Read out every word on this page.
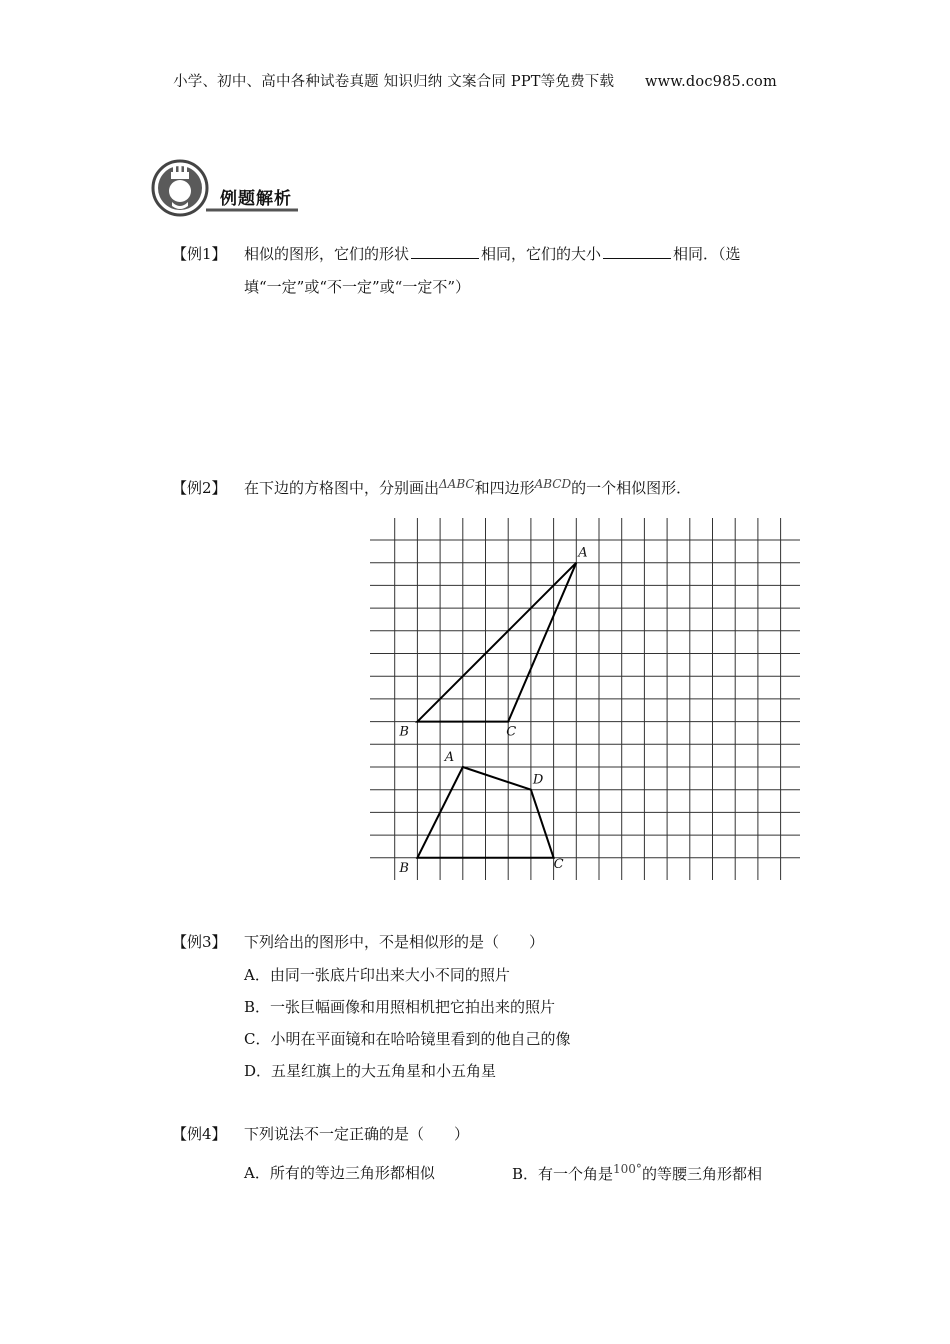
小学、初中、高中各种试卷真题 知识归纳 文案合同 PPT等免费下载 www.doc985.com
例题解析
【例1】 相似的图形，它们的形状	相同，它们的大小	相同．（选
填“一定”或“不一定”或“一定不”）
【例2】 在下边的方格图中，分别画出$^{\Delta ABC}$和四边形$^{ABCD}$的一个相似图形．
A
B	C
A
B	C
D
【例3】 下列给出的图形中，不是相似形的是（　　）
A．由同一张底片印出来大小不同的照片
B．一张巨幅画像和用照相机把它拍出来的照片
C．小明在平面镜和在哈哈镜里看到的他自己的像
D．五星红旗上的大五角星和小五角星
【例4】 下列说法不一定正确的是（　　）
A．所有的等边三角形都相似	B．有一个角是$^{100^\circ}$的等腰三角形都相
